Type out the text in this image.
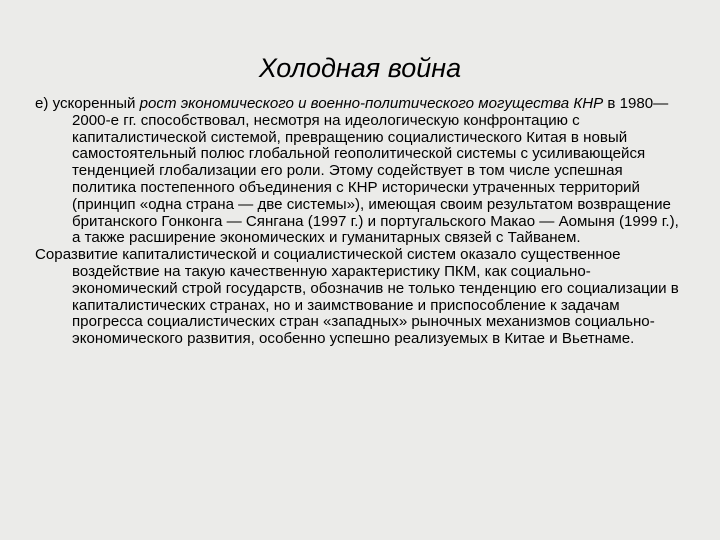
Холодная война

е) ускоренный рост экономического и военно-политического могущества КНР в 1980—2000-е гг. способствовал, несмотря на идеологическую конфронтацию с капиталистической системой, превращению социалистического Китая в новый самостоятельный полюс глобальной геополитической системы с усиливающейся тенденцией глобализации его роли. Этому содействует в том числе успешная политика постепенного объединения с КНР исторически утраченных территорий (принцип «одна страна — две системы»), имеющая своим результатом возвращение британского Гонконга — Сянгана (1997 г.) и португальского Макао — Аомыня (1999 г.), а также расширение экономических и гуманитарных связей с Тайванем.

Соразвитие капиталистической и социалистической систем оказало существенное воздействие на такую качественную характеристику ПКМ, как социально-экономический строй государств, обозначив не только тенденцию его социализации в капиталистических странах, но и заимствование и приспособление к задачам прогресса социалистических стран «западных» рыночных механизмов социально-экономического развития, особенно успешно реализуемых в Китае и Вьетнаме.
